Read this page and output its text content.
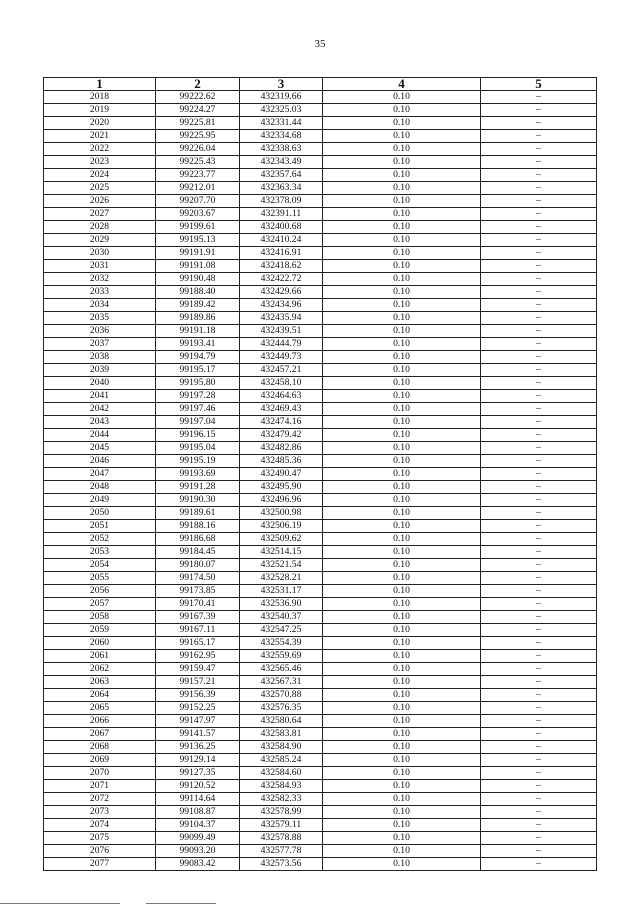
35
1	2	3	4	5
2018	99222.62	432319.66	0.10	–
2019	99224.27	432325.03	0.10	–
2020	99225.81	432331.44	0.10	–
2021	99225.95	432334.68	0.10	–
2022	99226.04	432338.63	0.10	–
2023	99225.43	432343.49	0.10	–
2024	99223.77	432357.64	0.10	–
2025	99212.01	432363.34	0.10	–
2026	99207.70	432378.09	0.10	–
2027	99203.67	432391.11	0.10	–
2028	99199.61	432400.68	0.10	–
2029	99195.13	432410.24	0.10	–
2030	99191.91	432416.91	0.10	–
2031	99191.08	432418.62	0.10	–
2032	99190.48	432422.72	0.10	–
2033	99188.40	432429.66	0.10	–
2034	99189.42	432434.96	0.10	–
2035	99189.86	432435.94	0.10	–
2036	99191.18	432439.51	0.10	–
2037	99193.41	432444.79	0.10	–
2038	99194.79	432449.73	0.10	–
2039	99195.17	432457.21	0.10	–
2040	99195.80	432458.10	0.10	–
2041	99197.28	432464.63	0.10	–
2042	99197.46	432469.43	0.10	–
2043	99197.04	432474.16	0.10	–
2044	99196.15	432479.42	0.10	–
2045	99195.04	432482.86	0.10	–
2046	99195.19	432485.36	0.10	–
2047	99193.69	432490.47	0.10	–
2048	99191.28	432495.90	0.10	–
2049	99190.30	432496.96	0.10	–
2050	99189.61	432500.98	0.10	–
2051	99188.16	432506.19	0.10	–
2052	99186.68	432509.62	0.10	–
2053	99184.45	432514.15	0.10	–
2054	99180.07	432521.54	0.10	–
2055	99174.50	432528.21	0.10	–
2056	99173.85	432531.17	0.10	–
2057	99170.41	432536.90	0.10	–
2058	99167.39	432540.37	0.10	–
2059	99167.11	432547.25	0.10	–
2060	99165.17	432554.39	0.10	–
2061	99162.95	432559.69	0.10	–
2062	99159.47	432565.46	0.10	–
2063	99157.21	432567.31	0.10	–
2064	99156.39	432570.88	0.10	–
2065	99152.25	432576.35	0.10	–
2066	99147.97	432580.64	0.10	–
2067	99141.57	432583.81	0.10	–
2068	99136.25	432584.90	0.10	–
2069	99129.14	432585.24	0.10	–
2070	99127.35	432584.60	0.10	–
2071	99120.52	432584.93	0.10	–
2072	99114.64	432582.33	0.10	–
2073	99108.87	432578.99	0.10	–
2074	99104.37	432579.11	0.10	–
2075	99099.49	432578.88	0.10	–
2076	99093.20	432577.78	0.10	–
2077	99083.42	432573.56	0.10	–
